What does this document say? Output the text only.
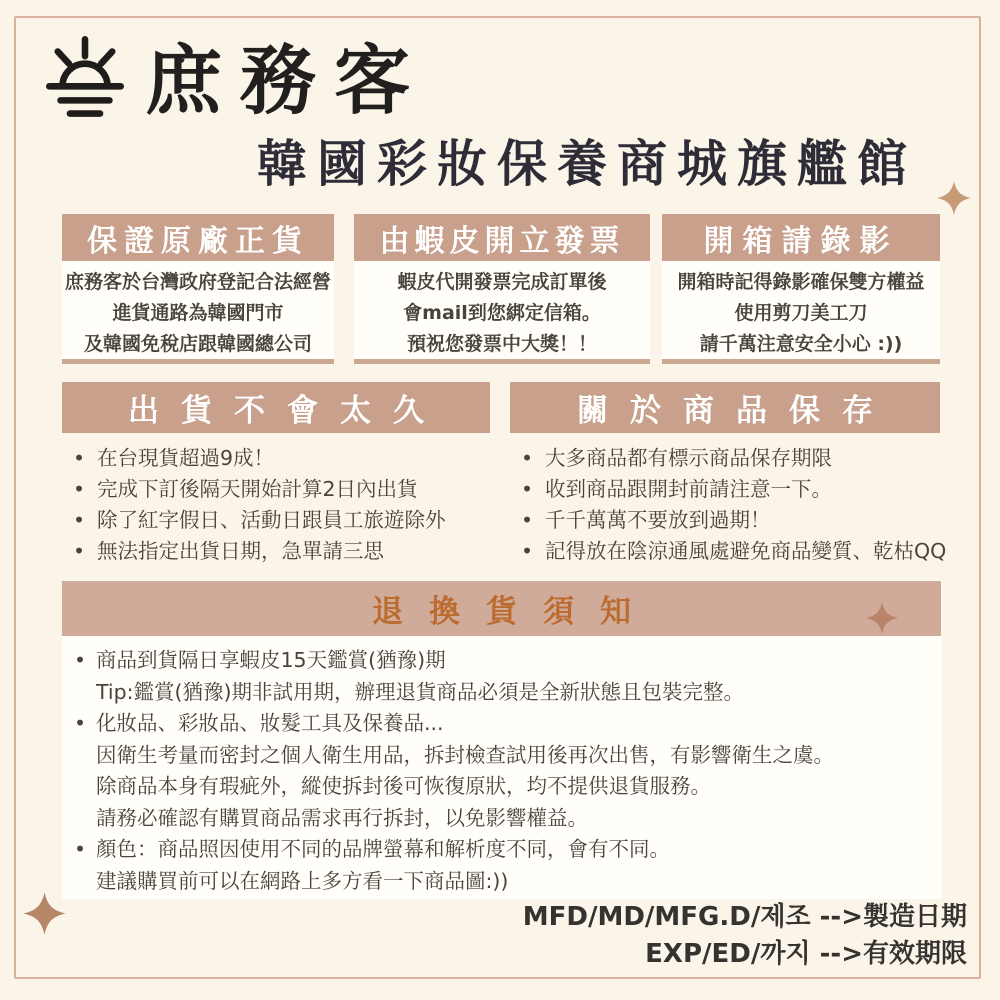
庶務客
韓國彩妝保養商城旗艦館
保證原廠正貨
庶務客於台灣政府登記合法經營
進貨通路為韓國門市
及韓國免稅店跟韓國總公司
由蝦皮開立發票
蝦皮代開發票完成訂單後
會mail到您綁定信箱。
預祝您發票中大獎！！
開箱請錄影
開箱時記得錄影確保雙方權益
使用剪刀美工刀
請千萬注意安全小心 :))
出貨不會太久
• 在台現貨超過9成！
• 完成下訂後隔天開始計算2日內出貨
• 除了紅字假日、活動日跟員工旅遊除外
• 無法指定出貨日期，急單請三思
關於商品保存
• 大多商品都有標示商品保存期限
• 收到商品跟開封前請注意一下。
• 千千萬萬不要放到過期！
• 記得放在陰涼通風處避免商品變質、乾枯QQ
退換貨須知
• 商品到貨隔日享蝦皮15天鑑賞(猶豫)期
Tip:鑑賞(猶豫)期非試用期，辦理退貨商品必須是全新狀態且包裝完整。
• 化妝品、彩妝品、妝髮工具及保養品...
因衛生考量而密封之個人衛生用品，拆封檢查試用後再次出售，有影響衛生之虞。
除商品本身有瑕疵外，縱使拆封後可恢復原狀，均不提供退貨服務。
請務必確認有購買商品需求再行拆封，以免影響權益。
• 顏色：商品照因使用不同的品牌螢幕和解析度不同，會有不同。
建議購買前可以在網路上多方看一下商品圖:))
MFD/MD/MFG.D/제조 -->製造日期
EXP/ED/까지 -->有效期限
